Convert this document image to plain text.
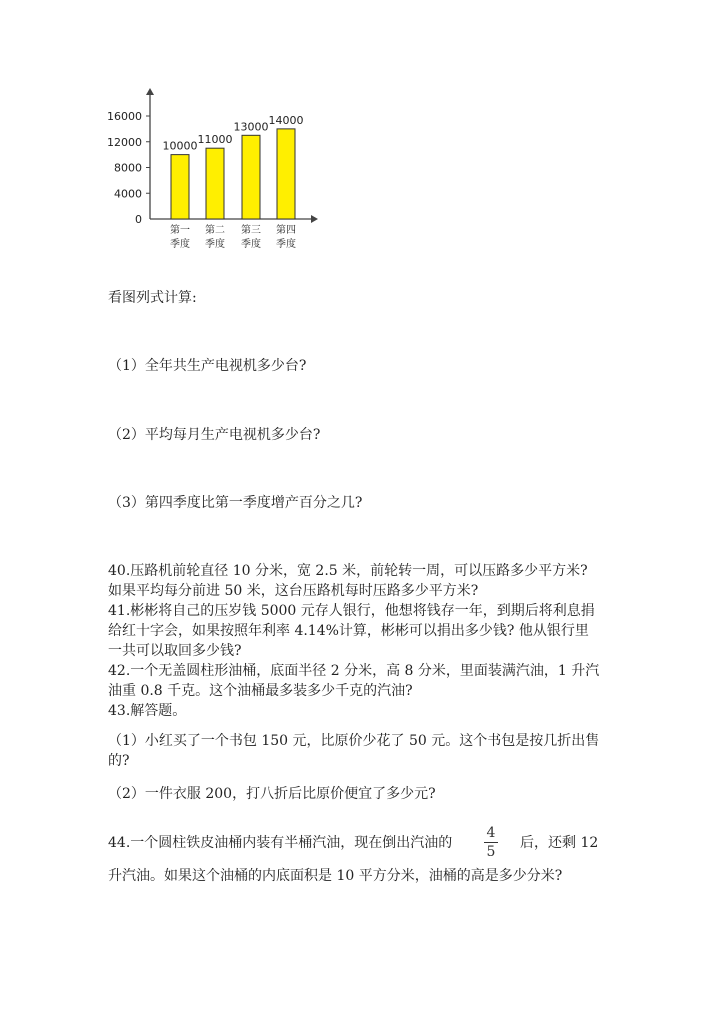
0
4000
8000
12000
16000
10000
第一
季度
11000
第二
季度
13000
第三
季度
14000
第四
季度
看图列式计算:
（1）全年共生产电视机多少台?
（2）平均每月生产电视机多少台?
（3）第四季度比第一季度增产百分之几?
40.压路机前轮直径 10 分米，宽 2.5 米，前轮转一周，可以压路多少平方米?
如果平均每分前进 50 米，这台压路机每时压路多少平方米?
41.彬彬将自己的压岁钱 5000 元存人银行，他想将钱存一年，到期后将利息捐
给红十字会，如果按照年利率 4.14%计算，彬彬可以捐出多少钱? 他从银行里
一共可以取回多少钱?
42.一个无盖圆柱形油桶，底面半径 2 分米，高 8 分米，里面装满汽油，1 升汽
油重 0.8 千克。这个油桶最多装多少千克的汽油?
43.解答题。
（1）小红买了一个书包 150 元，比原价少花了 50 元。这个书包是按几折出售
的?
（2）一件衣服 200，打八折后比原价便宜了多少元?
44.一个圆柱铁皮油桶内装有半桶汽油，现在倒出汽油的
4
5
后，还剩 12
升汽油。如果这个油桶的内底面积是 10 平方分米，油桶的高是多少分米?
